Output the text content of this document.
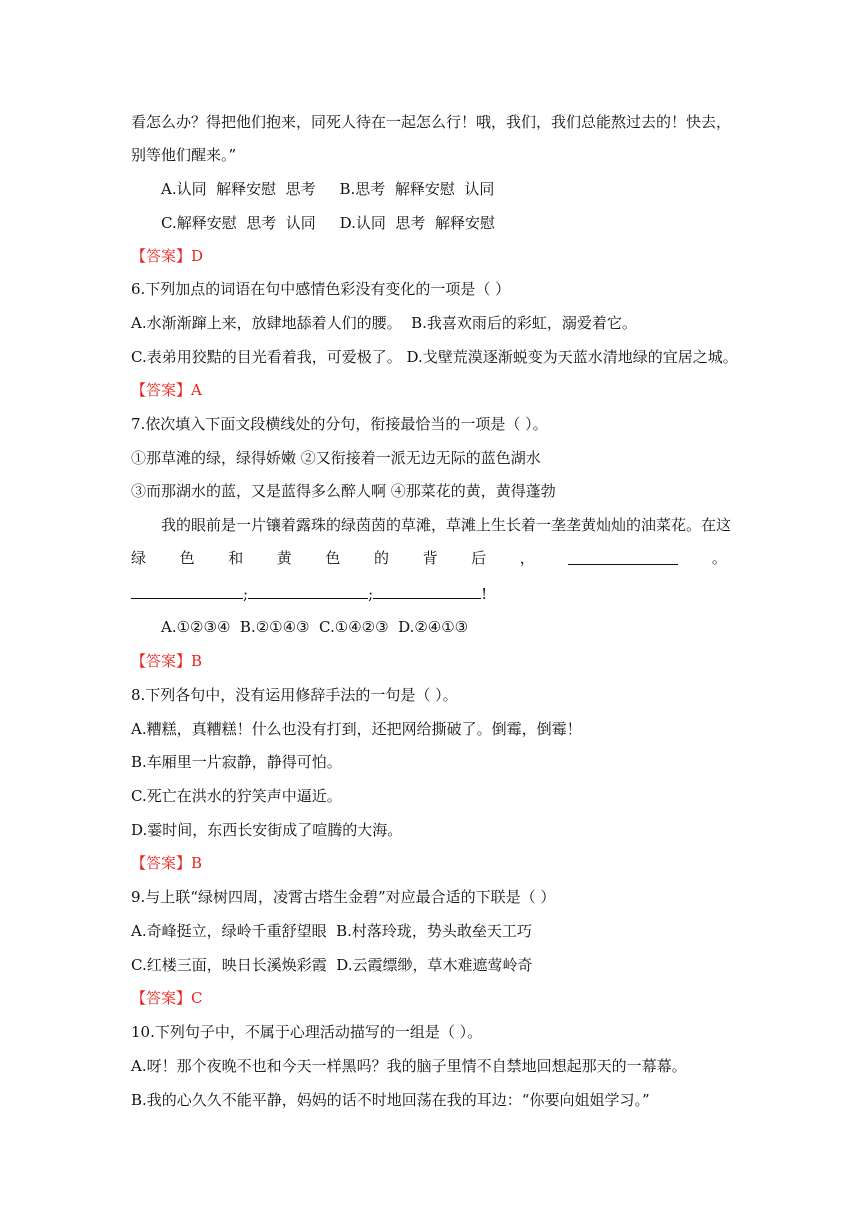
看怎么办？得把他们抱来，同死人待在一起怎么行！哦，我们，我们总能熬过去的！快去，
别等他们醒来。”
A.认同  解释安慰  思考     B.思考  解释安慰  认同
C.解释安慰  思考  认同     D.认同  思考  解释安慰
【答案】D
6.下列加点的词语在句中感情色彩没有变化的一项是（ ）
A.水渐渐蹿上来，放肆地舔着人们的腰。  B.我喜欢雨后的彩虹，溺爱着它。
C.表弟用狡黠的目光看着我，可爱极了。 D.戈壁荒漠逐渐蜕变为天蓝水清地绿的宜居之城。
【答案】A
7.依次填入下面文段横线处的分句，衔接最恰当的一项是（ ）。
①那草滩的绿，绿得娇嫩 ②又衔接着一派无边无际的蓝色湖水
③而那湖水的蓝，又是蓝得多么醉人啊 ④那菜花的黄，黄得蓬勃
我的眼前是一片镶着露珠的绿茵茵的草滩，草滩上生长着一垄垄黄灿灿的油菜花。在这
绿 色 和 黄 色 的 背 后 ，	。
;	;	!
A.①②③④  B.②①④③  C.①④②③  D.②④①③
【答案】B
8.下列各句中，没有运用修辞手法的一句是（ ）。
A.糟糕，真糟糕！什么也没有打到，还把网给撕破了。倒霉，倒霉！
B.车厢里一片寂静，静得可怕。
C.死亡在洪水的狞笑声中逼近。
D.霎时间，东西长安街成了喧腾的大海。
【答案】B
9.与上联“绿树四周，凌霄古塔生金碧”对应最合适的下联是（ ）
A.奇峰挺立，绿岭千重舒望眼  B.村落玲珑，势头敢垒天工巧
C.红楼三面，映日长溪焕彩霞  D.云霞缥缈，草木难遮莺岭奇
【答案】C
10.下列句子中，不属于心理活动描写的一组是（ ）。
A.呀！那个夜晚不也和今天一样黑吗？我的脑子里情不自禁地回想起那天的一幕幕。
B.我的心久久不能平静，妈妈的话不时地回荡在我的耳边：“你要向姐姐学习。”
